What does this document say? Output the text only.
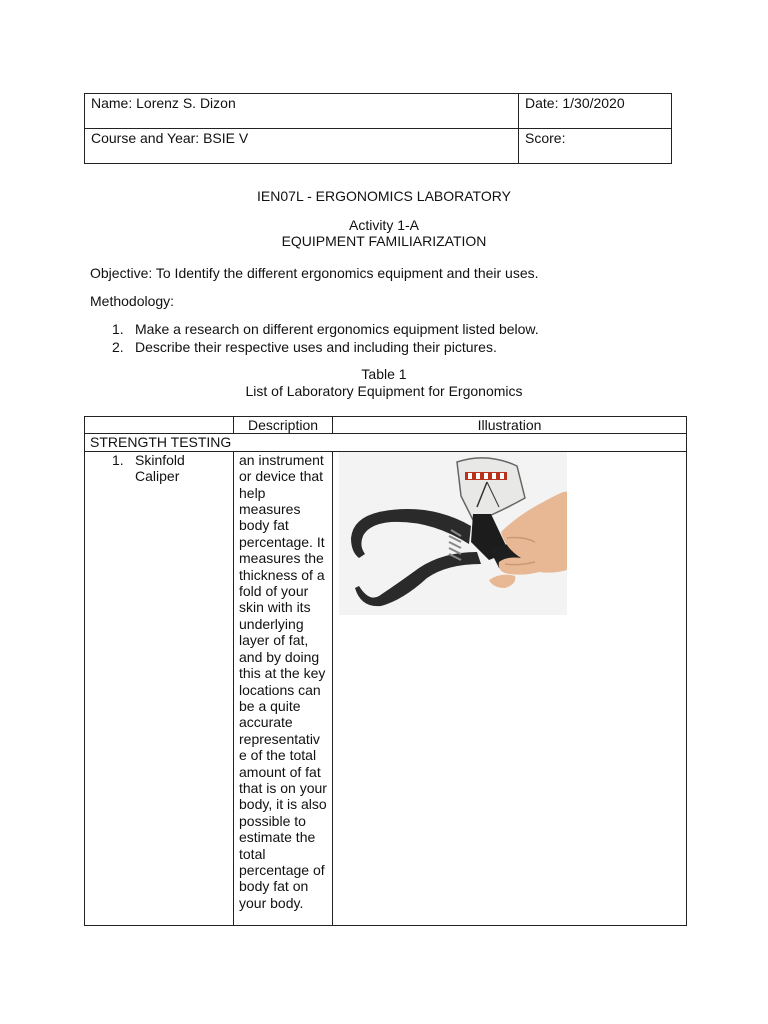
Name: Lorenz S. Dizon	Date: 1/30/2020
Course and Year: BSIE V	Score:
IEN07L - ERGONOMICS LABORATORY
Activity 1-A
EQUIPMENT FAMILIARIZATION
Objective: To Identify the different ergonomics equipment and their uses.
Methodology:
1. Make a research on different ergonomics equipment listed below.
2. Describe their respective uses and including their pictures.
Table 1
List of Laboratory Equipment for Ergonomics
	Description	Illustration
STRENGTH TESTING		

1. Skinfold Caliper	an instrument or device that help measures body fat percentage. It measures the thickness of a fold of your skin with its underlying layer of fat, and by doing this at the key locations can be a quite accurate representativ e of the total amount of fat that is on your body, it is also possible to estimate the total percentage of body fat on your body.
